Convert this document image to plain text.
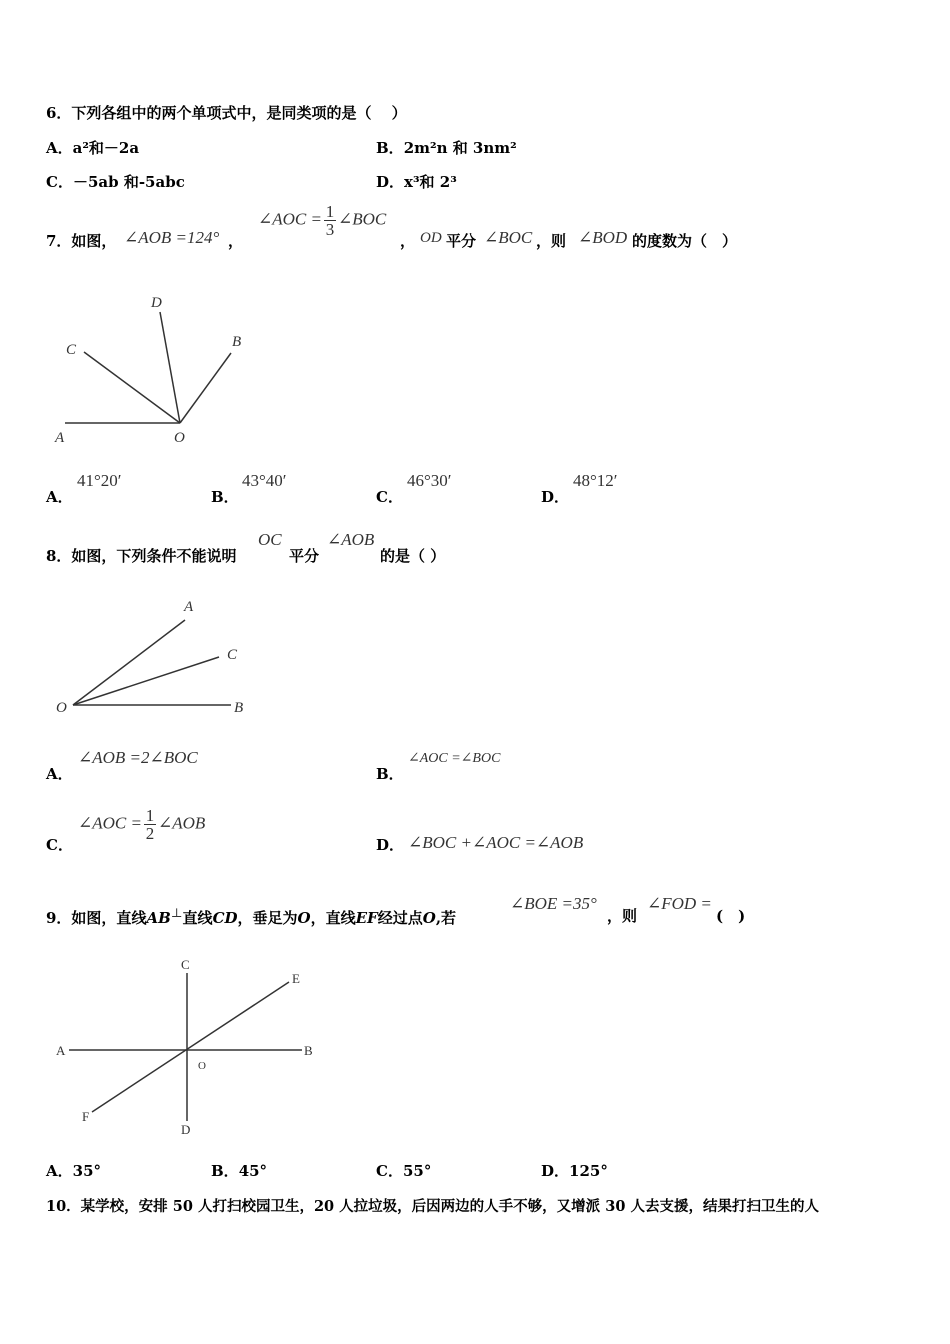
6．下列各组中的两个单项式中，是同类项的是（　 ）
A．a²和－2a	B．2m²n 和 3nm²
C．－5ab 和-5abc	D．x³和 2³
7．如图， ∠AOB =124° ，
∠AOC = $\frac{1}{3}$ ∠BOC
， OD 平分 ∠BOC ，则 ∠BOD 的度数为（　）
A	O
B
C
D
A．
41°20′
B．
43°40′
C．
46°30′
D．
48°12′
8．如图，下列条件不能说明
OC
平分
∠AOB
的是（ ）
A
C
O	B
A．
∠AOB =2∠BOC
B．
∠AOC =∠BOC
C．
∠AOC = $\frac{1}{2}$ ∠AOB
D． ∠BOC +∠AOC =∠AOB
9．如图，直线AB⊥直线CD，垂足为O，直线EF经过点O,若
∠BOE =35°
，则
∠FOD =
(　)
A	B
C
D
E
F
O
A．35°	B．45°	C．55°	D．125°
10．某学校，安排 50 人打扫校园卫生，20 人拉垃圾，后因两边的人手不够，又增派 30 人去支援，结果打扫卫生的人
